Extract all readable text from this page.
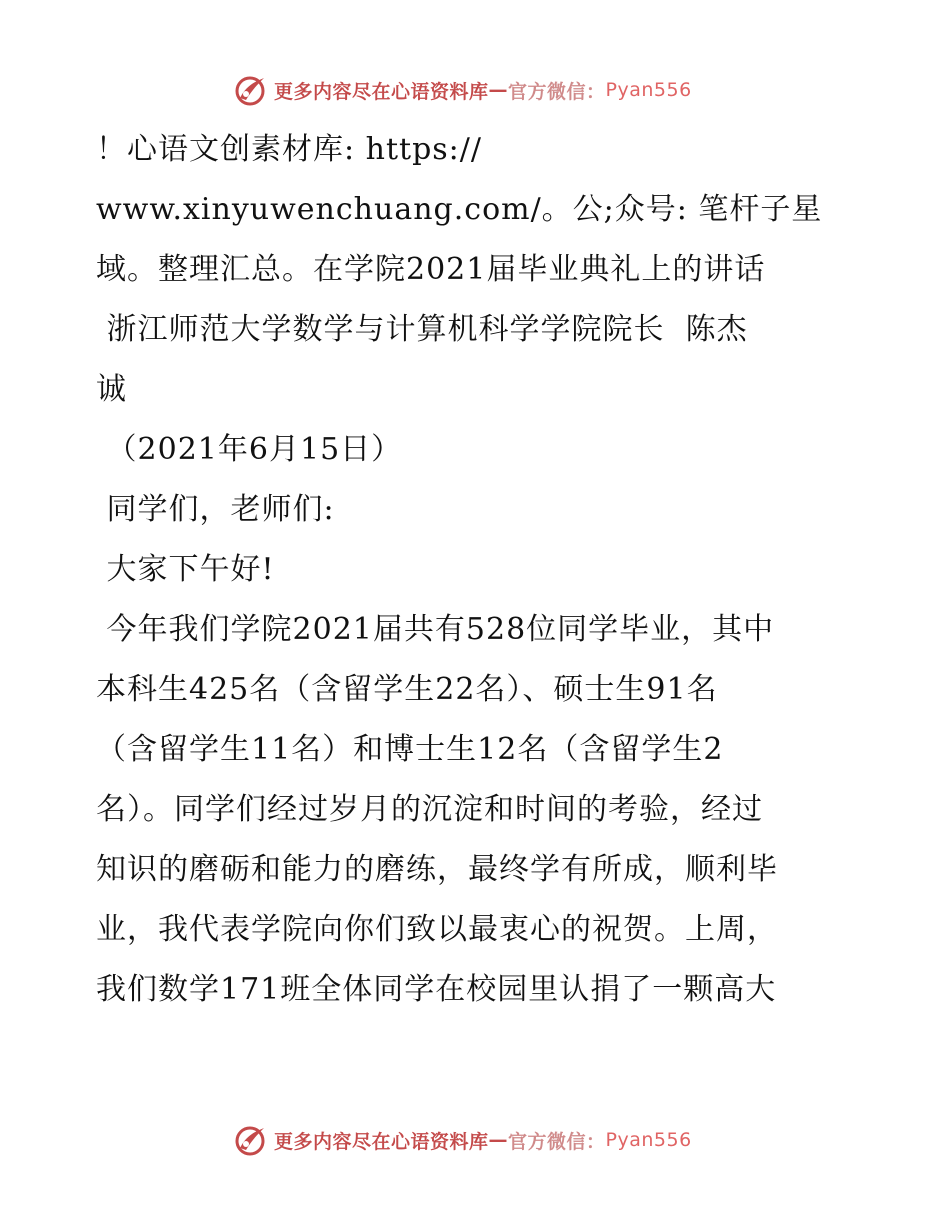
更多内容尽在心语资料库 — 官方微信： Pyan556

！心语文创素材库: https://

www.xinyuwenchuang.com/。公;众号: 笔杆子星

域。整理汇总。在学院2021届毕业典礼上的讲话

浙江师范大学数学与计算机科学学院院长  陈杰

诚

（2021年6月15日）

同学们，老师们:

大家下午好!

今年我们学院2021届共有528位同学毕业，其中

本科生425名（含留学生22名）、硕士生91名

（含留学生11名）和博士生12名（含留学生2

名）。同学们经过岁月的沉淀和时间的考验，经过

知识的磨砺和能力的磨练，最终学有所成，顺利毕

业，我代表学院向你们致以最衷心的祝贺。上周，

我们数学171班全体同学在校园里认捐了一颗高大

更多内容尽在心语资料库 — 官方微信： Pyan556
